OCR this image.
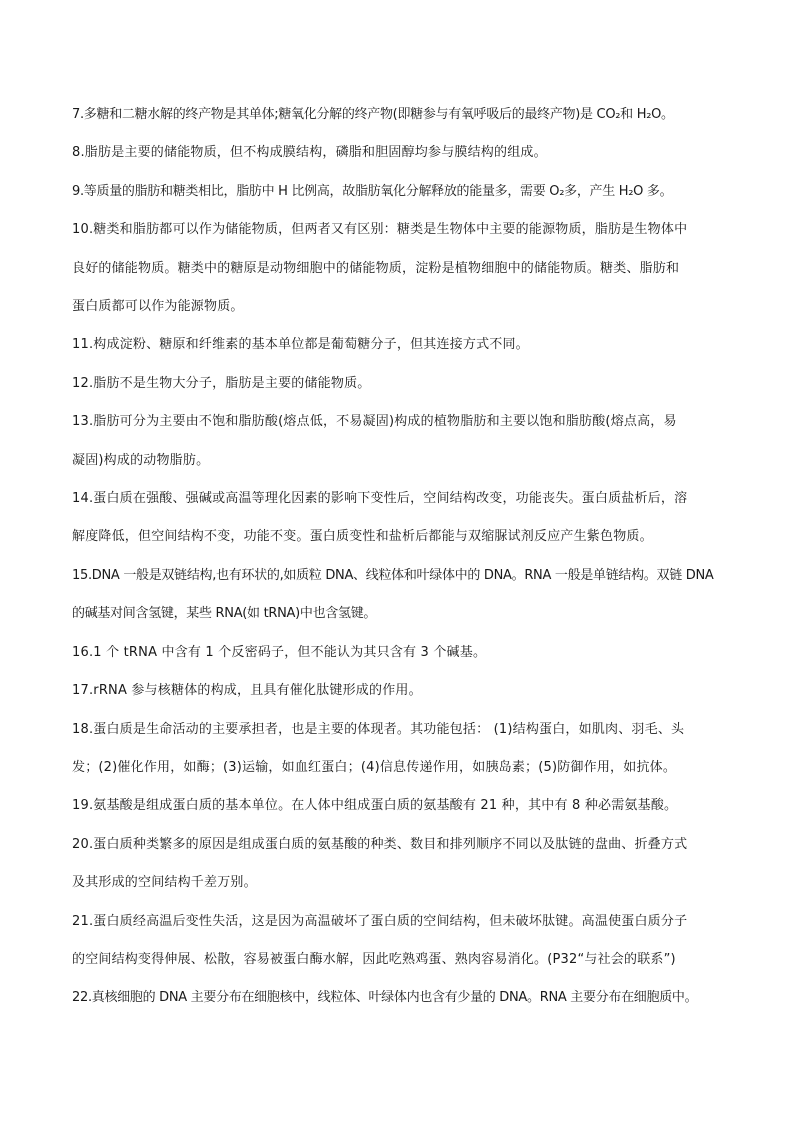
7.多糖和二糖水解的终产物是其单体;糖氧化分解的终产物(即糖参与有氧呼吸后的最终产物)是 CO₂和 H₂O。

8.脂肪是主要的储能物质，但不构成膜结构，磷脂和胆固醇均参与膜结构的组成。

9.等质量的脂肪和糖类相比，脂肪中 H 比例高，故脂肪氧化分解释放的能量多，需要 O₂多，产生 H₂O 多。

10.糖类和脂肪都可以作为储能物质，但两者又有区别：糖类是生物体中主要的能源物质，脂肪是生物体中
良好的储能物质。糖类中的糖原是动物细胞中的储能物质，淀粉是植物细胞中的储能物质。糖类、脂肪和
蛋白质都可以作为能源物质。

11.构成淀粉、糖原和纤维素的基本单位都是葡萄糖分子，但其连接方式不同。

12.脂肪不是生物大分子，脂肪是主要的储能物质。

13.脂肪可分为主要由不饱和脂肪酸(熔点低，不易凝固)构成的植物脂肪和主要以饱和脂肪酸(熔点高，易
凝固)构成的动物脂肪。

14.蛋白质在强酸、强碱或高温等理化因素的影响下变性后，空间结构改变，功能丧失。蛋白质盐析后，溶
解度降低，但空间结构不变，功能不变。蛋白质变性和盐析后都能与双缩脲试剂反应产生紫色物质。

15.DNA 一般是双链结构,也有环状的,如质粒 DNA、线粒体和叶绿体中的 DNA。RNA 一般是单链结构。双链 DNA
的碱基对间含氢键，某些 RNA(如 tRNA)中也含氢键。

16.1 个 tRNA 中含有 1 个反密码子，但不能认为其只含有 3 个碱基。

17.rRNA 参与核糖体的构成，且具有催化肽键形成的作用。

18.蛋白质是生命活动的主要承担者，也是主要的体现者。其功能包括： (1)结构蛋白，如肌肉、羽毛、头
发；(2)催化作用，如酶；(3)运输，如血红蛋白；(4)信息传递作用，如胰岛素；(5)防御作用，如抗体。

19.氨基酸是组成蛋白质的基本单位。在人体中组成蛋白质的氨基酸有 21 种，其中有 8 种必需氨基酸。

20.蛋白质种类繁多的原因是组成蛋白质的氨基酸的种类、数目和排列顺序不同以及肽链的盘曲、折叠方式
及其形成的空间结构千差万别。

21.蛋白质经高温后变性失活，这是因为高温破坏了蛋白质的空间结构，但未破坏肽键。高温使蛋白质分子
的空间结构变得伸展、松散，容易被蛋白酶水解，因此吃熟鸡蛋、熟肉容易消化。(P32“与社会的联系”)

22.真核细胞的 DNA 主要分布在细胞核中，线粒体、叶绿体内也含有少量的 DNA。RNA 主要分布在细胞质中。
